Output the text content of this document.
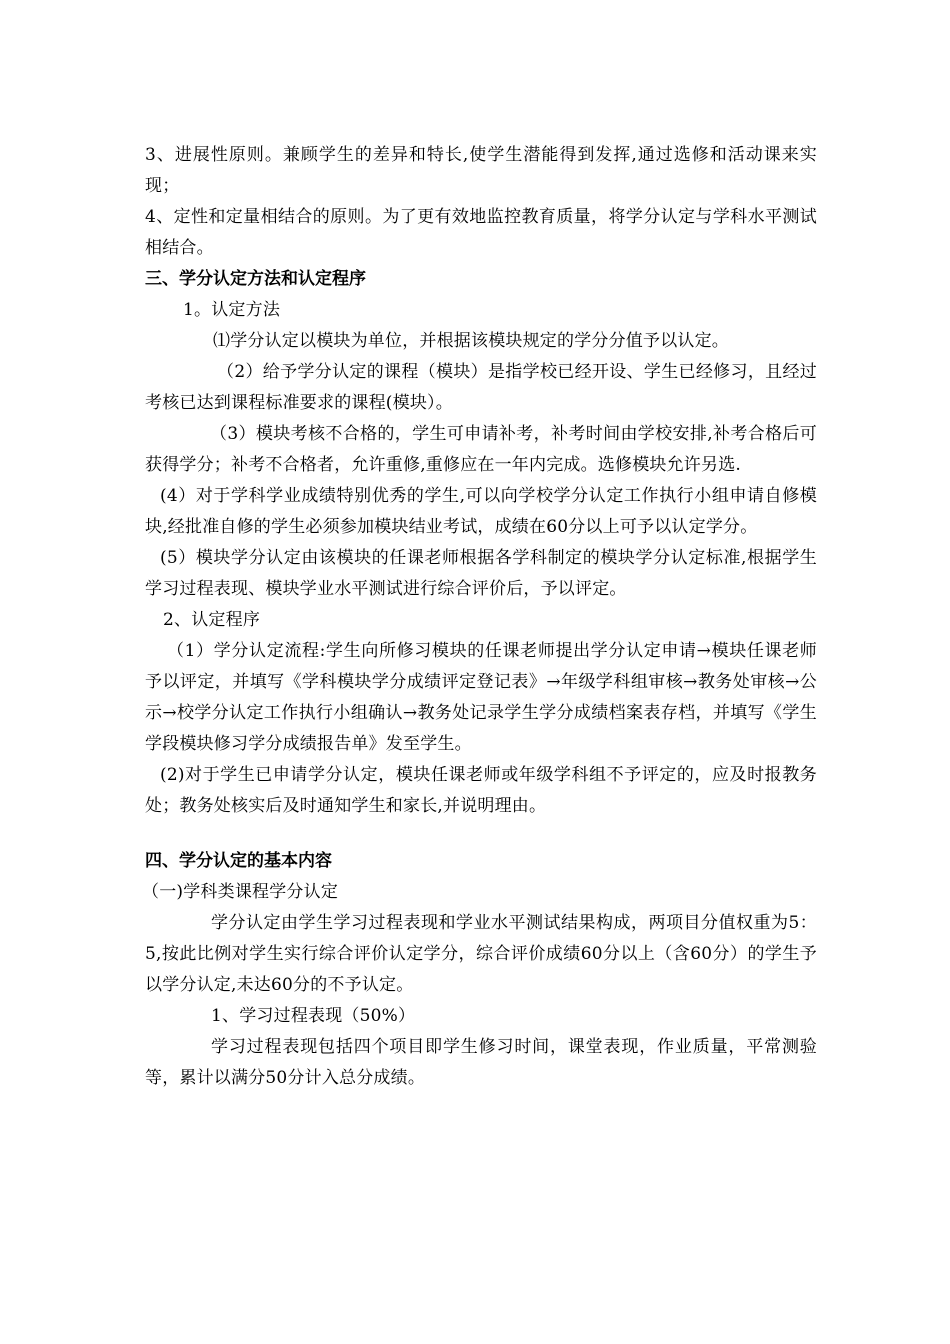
3、进展性原则。兼顾学生的差异和特长,使学生潜能得到发挥,通过选修和活动课来实现；

4、定性和定量相结合的原则。为了更有效地监控教育质量，将学分认定与学科水平测试相结合。

三、学分认定方法和认定程序

1。认定方法

⑴学分认定以模块为单位，并根据该模块规定的学分分值予以认定。

（2）给予学分认定的课程（模块）是指学校已经开设、学生已经修习，且经过考核已达到课程标准要求的课程(模块）。

（3）模块考核不合格的，学生可申请补考，补考时间由学校安排,补考合格后可获得学分；补考不合格者，允许重修,重修应在一年内完成。选修模块允许另选.

(4）对于学科学业成绩特别优秀的学生,可以向学校学分认定工作执行小组申请自修模块,经批准自修的学生必须参加模块结业考试，成绩在60分以上可予以认定学分。

(5）模块学分认定由该模块的任课老师根据各学科制定的模块学分认定标准,根据学生学习过程表现、模块学业水平测试进行综合评价后，予以评定。

2、认定程序

（1）学分认定流程:学生向所修习模块的任课老师提出学分认定申请→模块任课老师予以评定，并填写《学科模块学分成绩评定登记表》→年级学科组审核→教务处审核→公示→校学分认定工作执行小组确认→教务处记录学生学分成绩档案表存档，并填写《学生学段模块修习学分成绩报告单》发至学生。

(2)对于学生已申请学分认定，模块任课老师或年级学科组不予评定的，应及时报教务处；教务处核实后及时通知学生和家长,并说明理由。

四、学分认定的基本内容

（一)学科类课程学分认定

学分认定由学生学习过程表现和学业水平测试结果构成，两项目分值权重为5：5,按此比例对学生实行综合评价认定学分，综合评价成绩60分以上（含60分）的学生予以学分认定,未达60分的不予认定。

1、学习过程表现（50%）

学习过程表现包括四个项目即学生修习时间，课堂表现，作业质量，平常测验等，累计以满分50分计入总分成绩。
